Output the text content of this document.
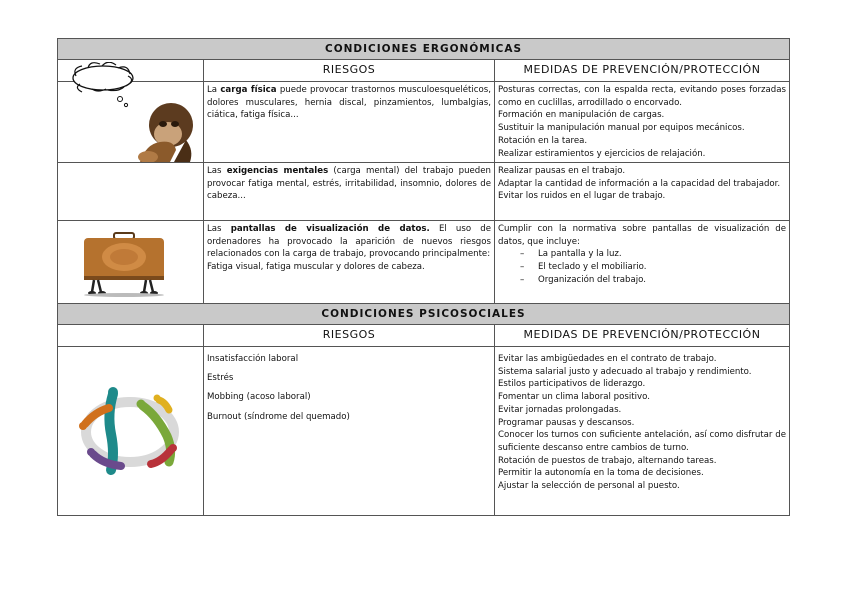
CONDICIONES ERGONÓMICAS
RIESGOS	MEDIDAS DE PREVENCIÓN/PROTECCIÓN

La carga física puede provocar trastornos musculoesqueléticos, dolores musculares, hernia discal, pinzamientos, lumbalgias, ciática, fatiga física...

Posturas correctas, con la espalda recta, evitando poses forzadas como en cuclillas, arrodillado o encorvado.

Formación en manipulación de cargas.

Sustituir la manipulación manual por equipos mecánicos.

Rotación en la tarea.

Realizar estiramientos y ejercicios de relajación.

Las exigencias mentales (carga mental) del trabajo pueden provocar fatiga mental, estrés, irritabilidad, insomnio, dolores de cabeza...

Realizar pausas en el trabajo.

Adaptar la cantidad de información a la capacidad del trabajador.

Evitar los ruidos en el lugar de trabajo.

Las pantallas de visualización de datos. El uso de ordenadores ha provocado la aparición de nuevos riesgos relacionados con la carga de trabajo, provocando principalmente:

Fatiga visual, fatiga muscular y dolores de cabeza.

Cumplir con la normativa sobre pantallas de visualización de datos, que incluye:

– La pantalla y la luz.
– El teclado y el mobiliario.
– Organización del trabajo.
CONDICIONES PSICOSOCIALES
RIESGOS	MEDIDAS DE PREVENCIÓN/PROTECCIÓN

Insatisfacción laboral

Estrés

Mobbing (acoso laboral)

Burnout (síndrome del quemado)

Evitar las ambigüedades en el contrato de trabajo.

Sistema salarial justo y adecuado al trabajo y rendimiento.

Estilos participativos de liderazgo.

Fomentar un clima laboral positivo.

Evitar jornadas prolongadas.

Programar pausas y descansos.

Conocer los turnos con suficiente antelación, así como disfrutar de suficiente descanso entre cambios de turno.

Rotación de puestos de trabajo, alternando tareas.

Permitir la autonomía en la toma de decisiones.

Ajustar la selección de personal al puesto.
